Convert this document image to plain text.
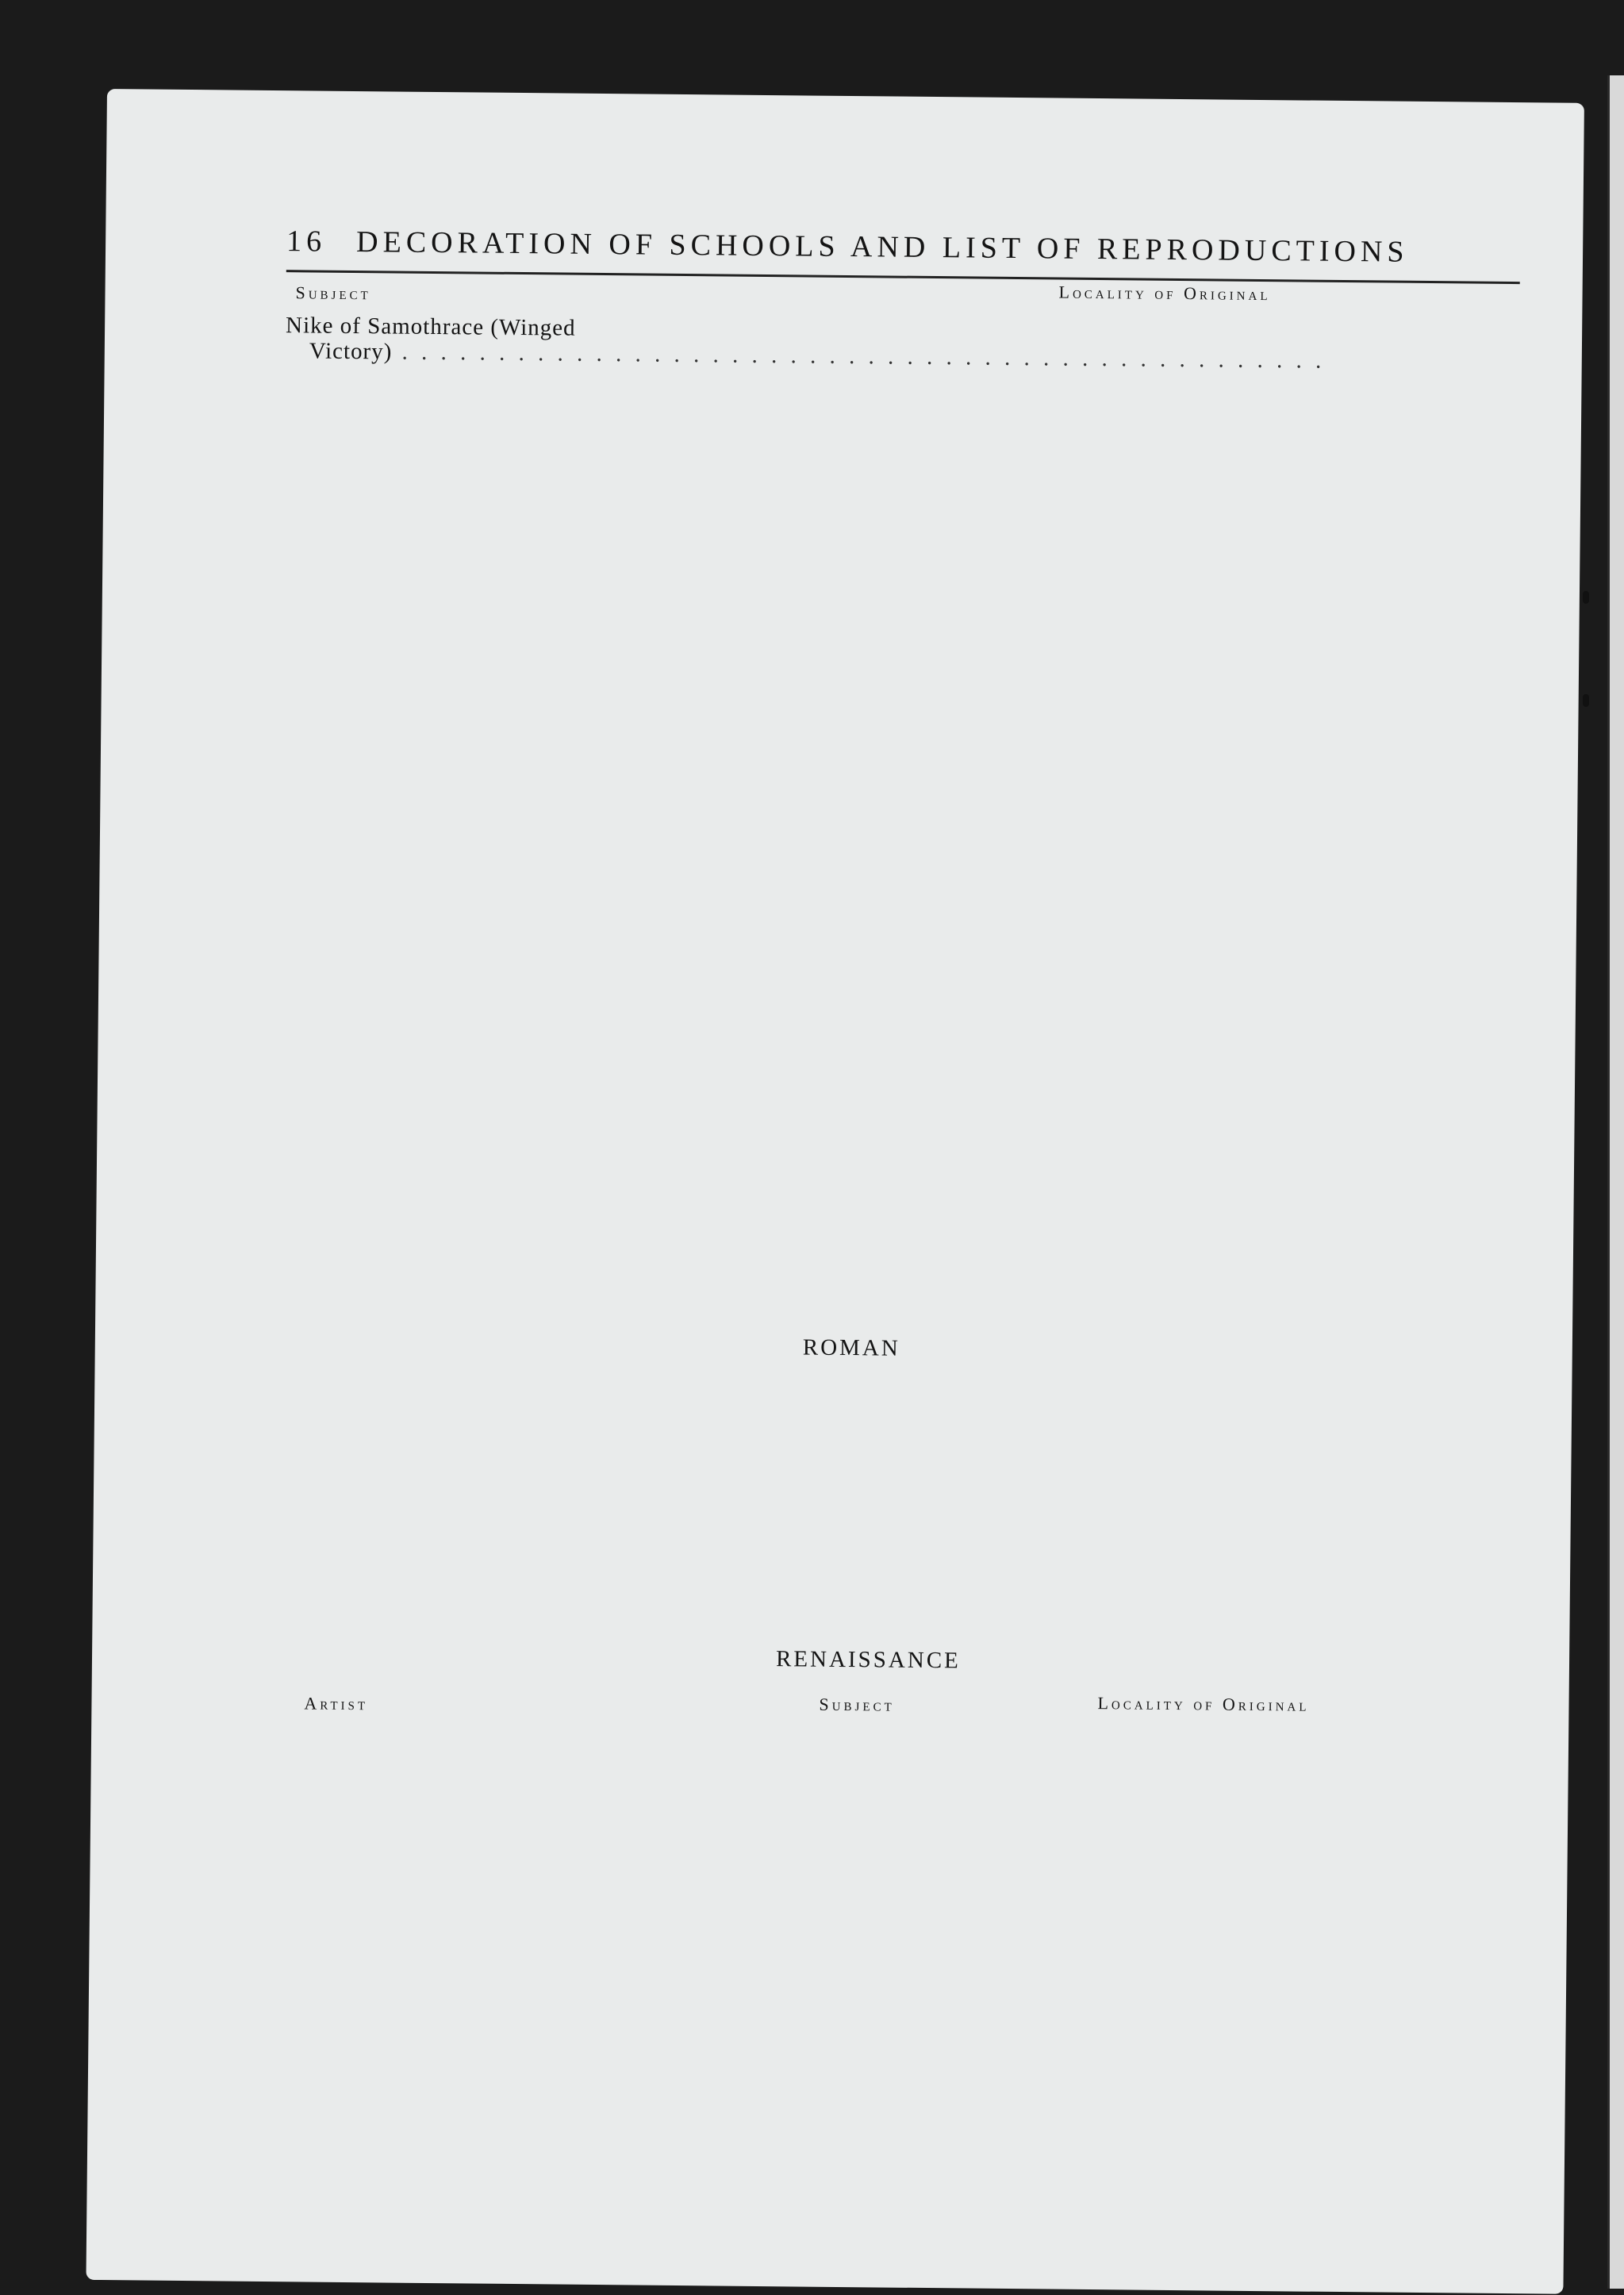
16 DECORATION OF SCHOOLS AND LIST OF REPRODUCTIONS
Subject	Locality of Original
Nike of Samothrace (Winged
Victory) . . . . . . . . . . . . . . . . . . . . . . . . . . . . . . . . . . . . . . . . . . . . . . . .
ROMAN
RENAISSANCE
Artist	Subject	Locality of Original
